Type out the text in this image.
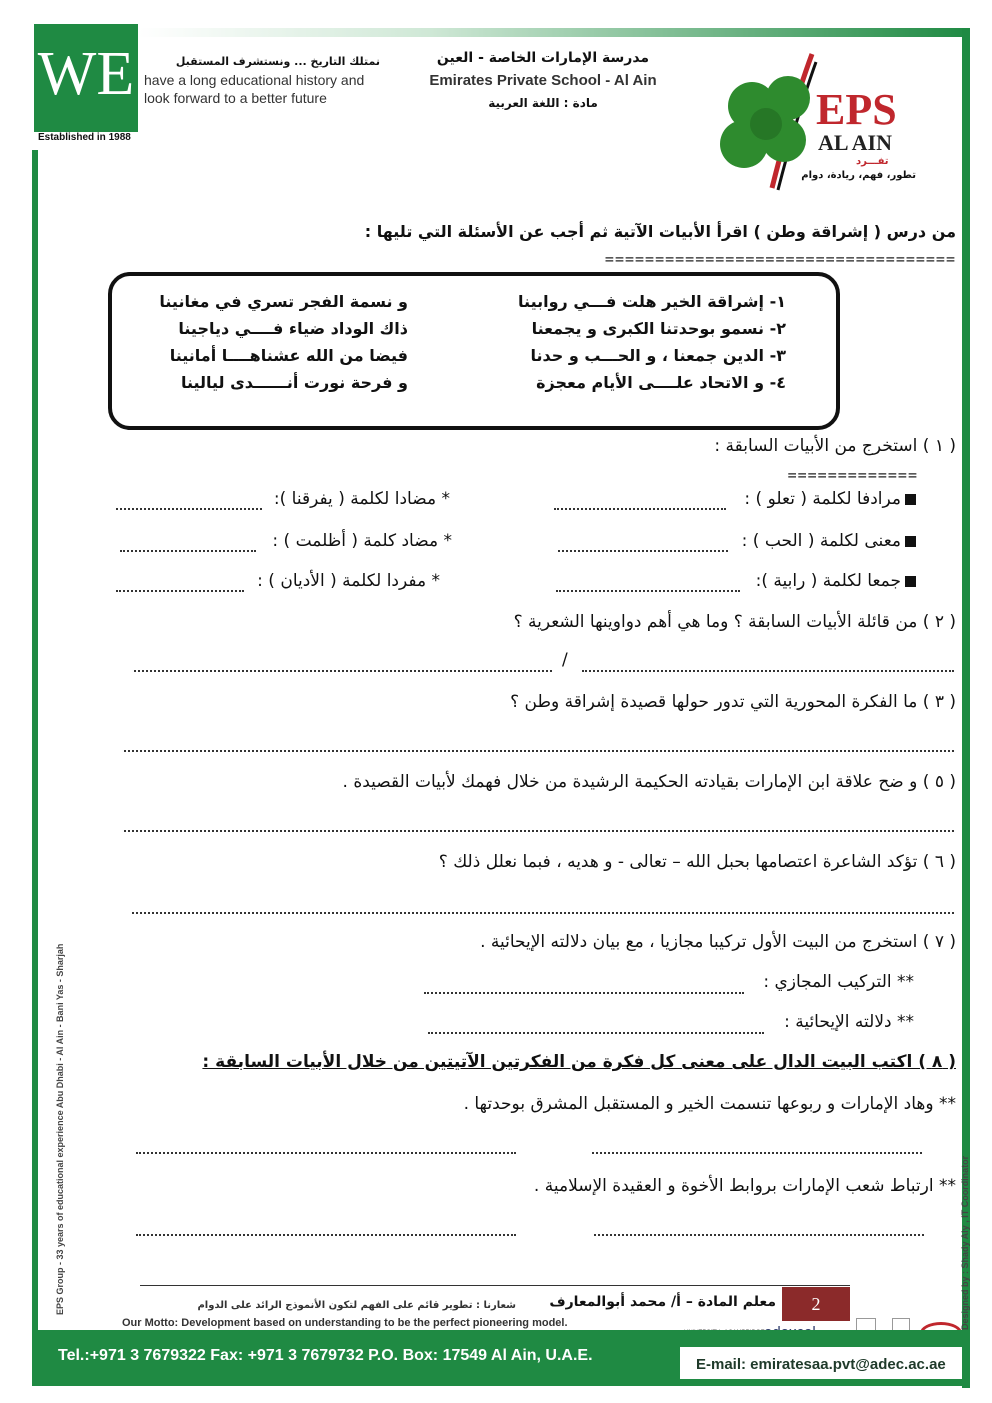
WE
Established in 1988
نمتلك التاريخ ... ونستشرف المستقبل
have a long educational history and
look forward to a better future
مدرسة الإمارات الخاصة - العين
Emirates Private School - Al Ain
مادة : اللغة العربية	EPS
AL AIN
تفـــرد
تطور، فهم، ريادة، دوام
من درس ( إشراقة وطن ) اقرأ الأبيات الآتية ثم أجب عن الأسئلة التي تليها :
===================================
١- إشراقة الخير هلت فـــي روابينا
و نسمة الفجر تسري في مغانينا
٢- نسمو بوحدتنا الكبرى و يجمعنا
ذاك الوداد ضياء فــــي دياجينا
٣- الدين جمعنا ، و الحـــب و حدنا
فيضا من الله عشناهــــا أمانينا
٤- و الاتحاد علــــى الأيام معجزة
و فرحة نورت أنــــــدى ليالينا
( ١ ) استخرج من الأبيات السابقة :
=============
مرادفا لكلمة ( تعلو ) :
* مضادا لكلمة ( يفرقنا ):
معنى لكلمة ( الحب ) :
* مضاد كلمة ( أظلمت ) :
جمعا لكلمة ( رابية ):
* مفردا لكلمة ( الأديان ) :
( ٢ ) من قائلة الأبيات السابقة ؟ وما هي أهم دواوينها الشعرية ؟
/
( ٣ ) ما الفكرة المحورية التي تدور حولها قصيدة إشراقة وطن ؟
( ٥ ) و ضح علاقة ابن الإمارات بقيادته الحكيمة الرشيدة من خلال فهمك لأبيات القصيدة .
( ٦ ) تؤكد الشاعرة اعتصامها بحبل الله – تعالى - و هديه ، فبما نعلل ذلك ؟
( ٧ ) استخرج من البيت الأول تركيبا مجازيا ، مع بيان دلالته الإيحائية .
** التركيب المجازي :
** دلالته الإيحائية :
( ٨ ) اكتب البيت الدال على معنى كل فكرة من الفكرتين الآتيتين من خلال الأبيات السابقة :
** وهاد الإمارات و ربوعها تنسمت الخير و المستقبل المشرق بوحدتها .
** ارتباط شعب الإمارات بروابط الأخوة و العقيدة الإسلامية .
EPS Group - 33 years of educational experience Abu Dhabi - Al Ain - Bani Yas - Sharjah	Designed by : Shady Aly , IT Coordinator
معلم المادة – أ/ محمد أبوالمعارف	2
شعارنا : تطوير قائم على الفهم لتكون الأنموذج الرائد على الدوام
Our Motto: Development based on understanding to be the perfect pioneering model.
Tel.:+971 3 7679322 Fax: +971 3 7679732 P.O. Box: 17549 Al Ain, U.A.E.
E-mail: emiratesaa.pvt@adec.ac.ae
